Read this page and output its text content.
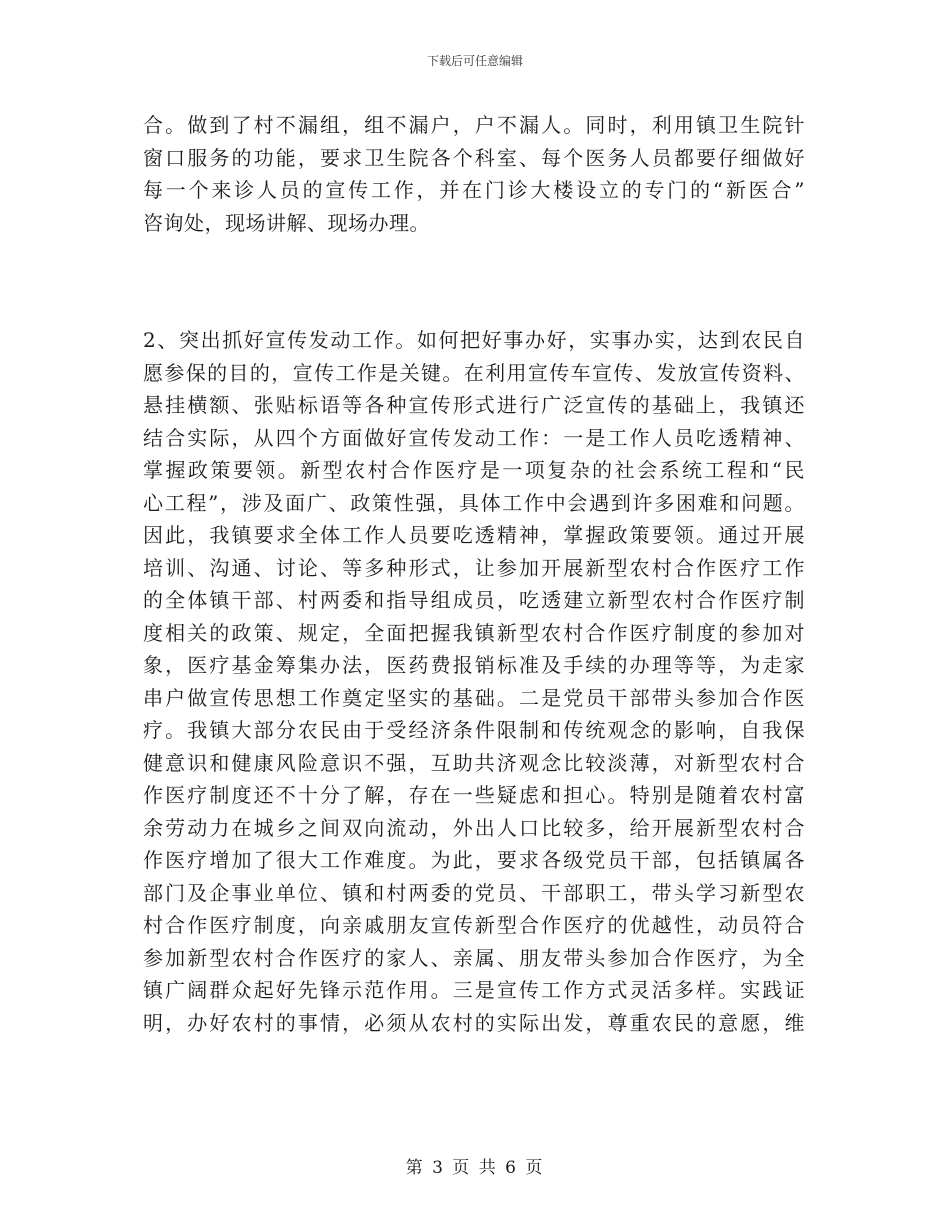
下载后可任意编辑
合。做到了村不漏组，组不漏户，户不漏人。同时，利用镇卫生院针
窗口服务的功能，要求卫生院各个科室、每个医务人员都要仔细做好
每一个来诊人员的宣传工作，并在门诊大楼设立的专门的“新医合”
咨询处，现场讲解、现场办理。
2、突出抓好宣传发动工作。如何把好事办好，实事办实，达到农民自
愿参保的目的，宣传工作是关键。在利用宣传车宣传、发放宣传资料、
悬挂横额、张贴标语等各种宣传形式进行广泛宣传的基础上，我镇还
结合实际，从四个方面做好宣传发动工作：一是工作人员吃透精神、
掌握政策要领。新型农村合作医疗是一项复杂的社会系统工程和“民
心工程”，涉及面广、政策性强，具体工作中会遇到许多困难和问题。
因此，我镇要求全体工作人员要吃透精神，掌握政策要领。通过开展
培训、沟通、讨论、等多种形式，让参加开展新型农村合作医疗工作
的全体镇干部、村两委和指导组成员，吃透建立新型农村合作医疗制
度相关的政策、规定，全面把握我镇新型农村合作医疗制度的参加对
象，医疗基金筹集办法，医药费报销标准及手续的办理等等，为走家
串户做宣传思想工作奠定坚实的基础。二是党员干部带头参加合作医
疗。我镇大部分农民由于受经济条件限制和传统观念的影响，自我保
健意识和健康风险意识不强，互助共济观念比较淡薄，对新型农村合
作医疗制度还不十分了解，存在一些疑虑和担心。特别是随着农村富
余劳动力在城乡之间双向流动，外出人口比较多，给开展新型农村合
作医疗增加了很大工作难度。为此，要求各级党员干部，包括镇属各
部门及企事业单位、镇和村两委的党员、干部职工，带头学习新型农
村合作医疗制度，向亲戚朋友宣传新型合作医疗的优越性，动员符合
参加新型农村合作医疗的家人、亲属、朋友带头参加合作医疗，为全
镇广阔群众起好先锋示范作用。三是宣传工作方式灵活多样。实践证
明，办好农村的事情，必须从农村的实际出发，尊重农民的意愿，维
第 3 页 共 6 页
